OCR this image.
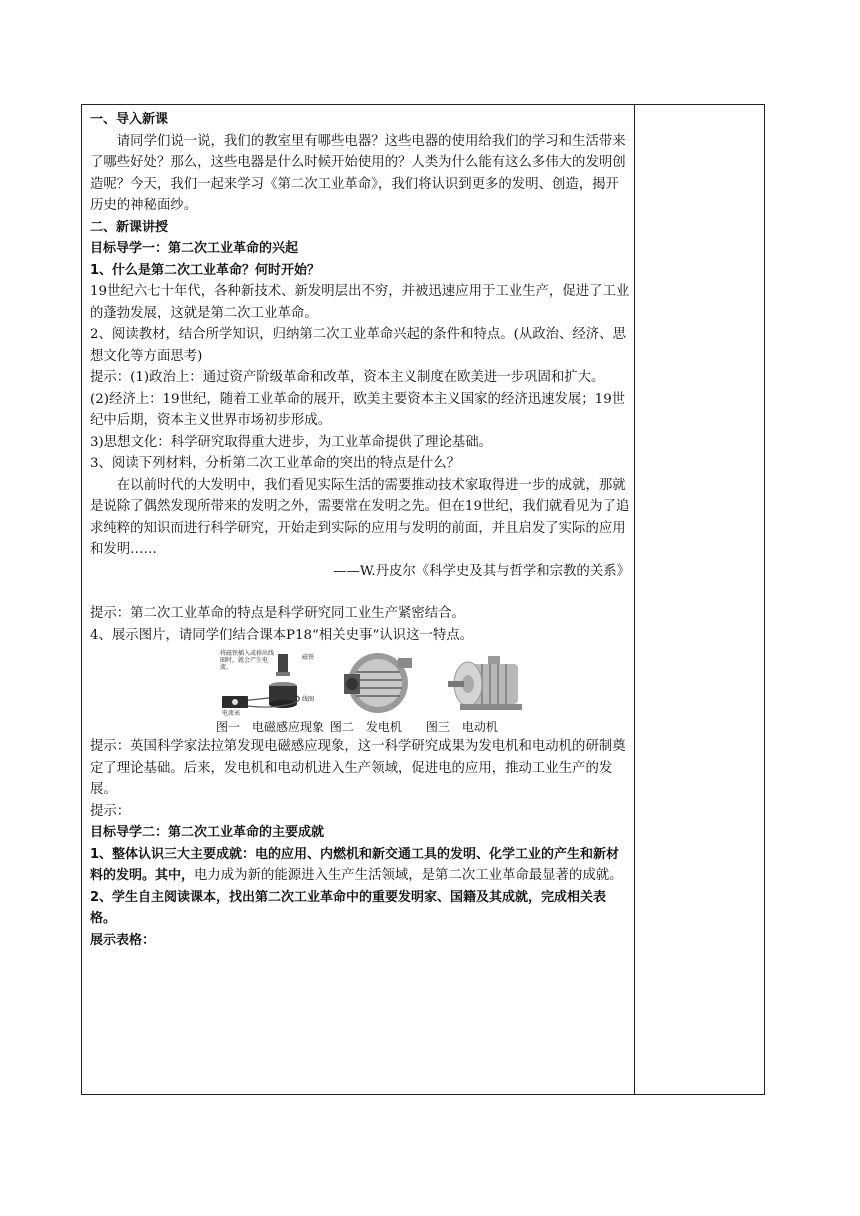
一、导入新课

请同学们说一说，我们的教室里有哪些电器？这些电器的使用给我们的学习和生活带来了哪些好处？那么，这些电器是什么时候开始使用的？人类为什么能有这么多伟大的发明创造呢？今天，我们一起来学习《第二次工业革命》，我们将认识到更多的发明、创造，揭开历史的神秘面纱。

二、新课讲授

目标导学一：第二次工业革命的兴起

1、什么是第二次工业革命？何时开始？

19世纪六七十年代，各种新技术、新发明层出不穷，并被迅速应用于工业生产，促进了工业的蓬勃发展，这就是第二次工业革命。

2、阅读教材，结合所学知识，归纳第二次工业革命兴起的条件和特点。(从政治、经济、思想文化等方面思考)

提示：(1)政治上：通过资产阶级革命和改革，资本主义制度在欧美进一步巩固和扩大。

(2)经济上：19世纪，随着工业革命的展开，欧美主要资本主义国家的经济迅速发展；19世纪中后期，资本主义世界市场初步形成。

3)思想文化：科学研究取得重大进步，为工业革命提供了理论基础。

3、阅读下列材料，分析第二次工业革命的突出的特点是什么？

在以前时代的大发明中，我们看见实际生活的需要推动技术家取得进一步的成就，那就是说除了偶然发现所带来的发明之外，需要常在发明之先。但在19世纪，我们就看见为了追求纯粹的知识而进行科学研究，开始走到实际的应用与发明的前面，并且启发了实际的应用和发明……

——W.丹皮尔《科学史及其与哲学和宗教的关系》

提示：第二次工业革命的特点是科学研究同工业生产紧密结合。

4、展示图片，请同学们结合课本P18“相关史事”认识这一特点。

将磁铁插入或移出线圈时，就会产生电流。
磁铁
线圈
电流表

图一　电磁感应现象 图二　发电机　　图三　电动机

提示：英国科学家法拉第发现电磁感应现象，这一科学研究成果为发电机和电动机的研制奠定了理论基础。后来，发电机和电动机进入生产领域，促进电的应用，推动工业生产的发展。

提示：

目标导学二：第二次工业革命的主要成就

1、整体认识三大主要成就：电的应用、内燃机和新交通工具的发明、化学工业的产生和新材料的发明。其中，电力成为新的能源进入生产生活领域，是第二次工业革命最显著的成就。

2、学生自主阅读课本，找出第二次工业革命中的重要发明家、国籍及其成就，完成相关表格。

展示表格：
